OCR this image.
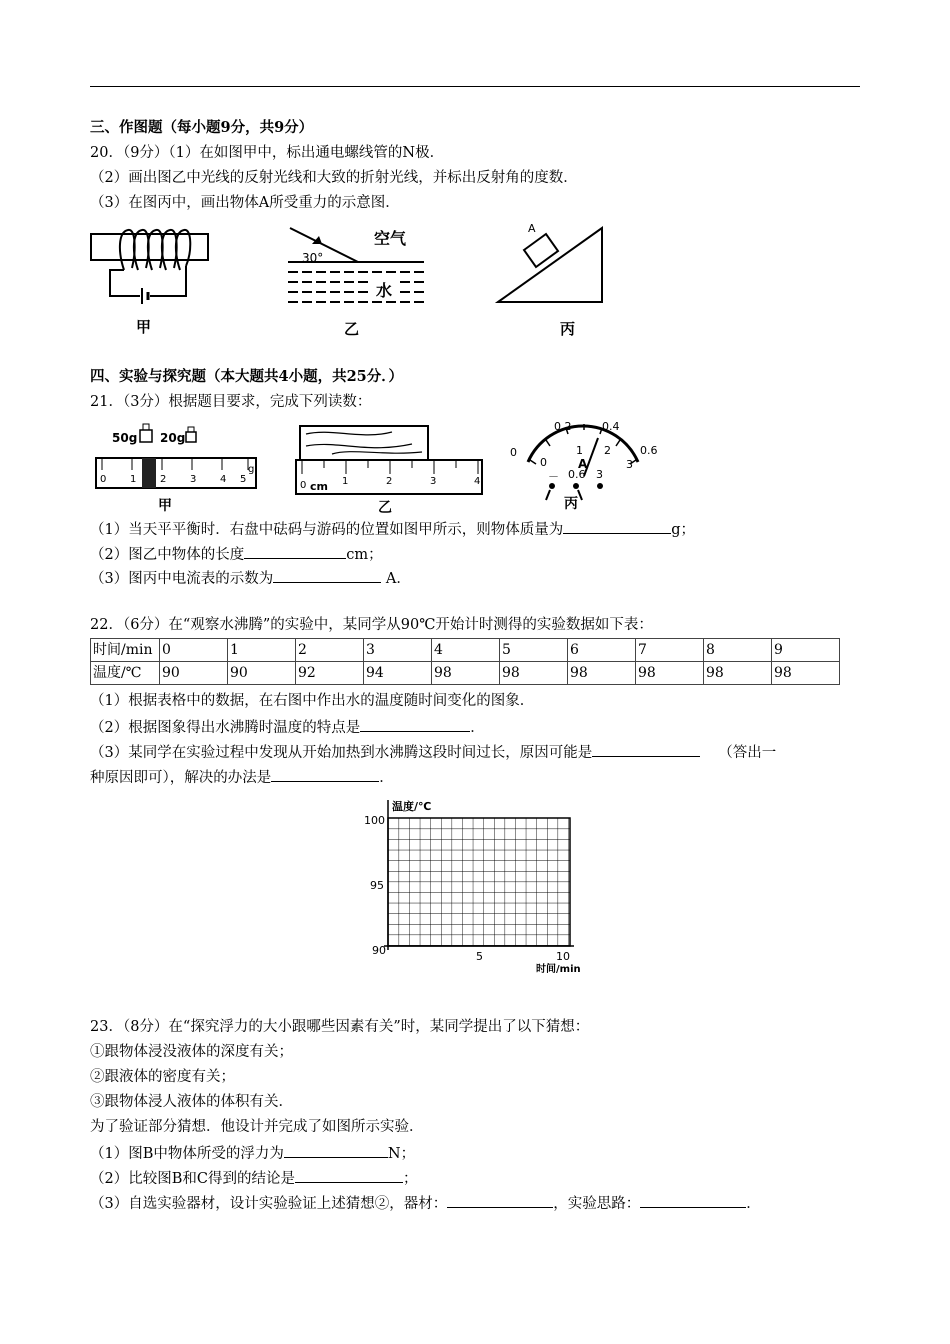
三、作图题（每小题9分，共9分）
20．（9分）（1）在如图甲中，标出通电螺线管的N极．
（2）画出图乙中光线的反射光线和大致的折射光线，并标出反射角的度数．
（3）在图丙中，画出物体A所受重力的示意图．
甲
30°
空气
水
乙
A
丙
四、实验与探究题（本大题共4小题，共25分．）
21．（3分）根据题目要求，完成下列读数：
50g 20g
0 1 2 3 4 5
g
甲
0 cm 1	2	3	4
乙
0
0.2	0.4
0.6
0
1 2
3
A
－ 0.6 3
丙
（1）当天平平衡时．右盘中砝码与游码的位置如图甲所示，则物体质量为	g；
（2）图乙中物体的长度	cm；
（3）图丙中电流表的示数为	A．
22．（6分）在“观察水沸腾”的实验中，某同学从90℃开始计时测得的实验数据如下表：
时间/min	0	1	2	3	4	5	6	7	8	9
温度/℃	90	90	92	94	98	98	98	98	98	98
（1）根据表格中的数据，在右图中作出水的温度随时间变化的图象．
（2）根据图象得出水沸腾时温度的特点是	．
（3）某同学在实验过程中发现从开始加热到水沸腾这段时间过长，原因可能是	（答出一
种原因即可），解决的办法是	．
温度/℃
100
95
90	5	10
时间/min
23．（8分）在“探究浮力的大小跟哪些因素有关”时，某同学提出了以下猜想：
①跟物体浸没液体的深度有关；
②跟液体的密度有关；
③跟物体浸人液体的体积有关．
为了验证部分猜想．他设计并完成了如图所示实验．
（1）图B中物体所受的浮力为	N；
（2）比较图B和C得到的结论是	；
（3）自选实验器材，设计实验验证上述猜想②，器材：	，实验思路：	．
